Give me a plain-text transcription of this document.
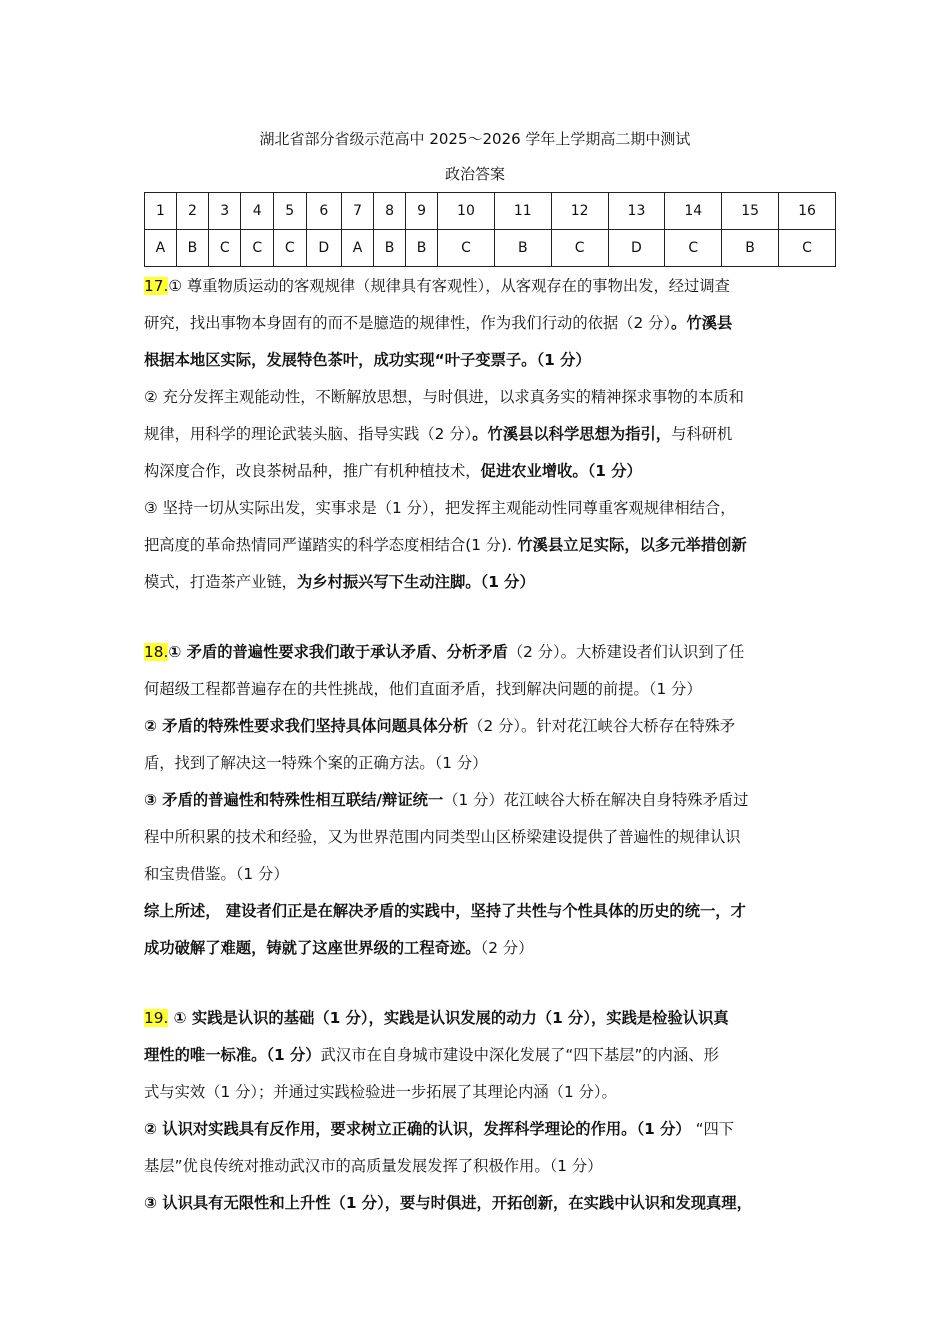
湖北省部分省级示范高中 2025～2026 学年上学期高二期中测试
政治答案
1	2	3	4	5	6	7	8	9	10	11	12	13	14	15	16
A	B	C	C	C	D	A	B	B	C	B	C	D	C	B	C

17.① 尊重物质运动的客观规律（规律具有客观性），从客观存在的事物出发，经过调查

研究，找出事物本身固有的而不是臆造的规律性，作为我们行动的依据（2 分）。竹溪县

根据本地区实际，发展特色茶叶，成功实现“叶子变票子。（1 分）

② 充分发挥主观能动性，不断解放思想，与时俱进，以求真务实的精神探求事物的本质和

规律，用科学的理论武装头脑、指导实践（2 分）。竹溪县以科学思想为指引，与科研机

构深度合作，改良茶树品种，推广有机种植技术，促进农业增收。（1 分）

③ 坚持一切从实际出发，实事求是（1 分），把发挥主观能动性同尊重客观规律相结合，

把高度的革命热情同严谨踏实的科学态度相结合(1 分). 竹溪县立足实际，以多元举措创新

模式，打造茶产业链，为乡村振兴写下生动注脚。（1 分）

18.① 矛盾的普遍性要求我们敢于承认矛盾、分析矛盾（2 分）。大桥建设者们认识到了任

何超级工程都普遍存在的共性挑战，他们直面矛盾，找到解决问题的前提。（1 分）

② 矛盾的特殊性要求我们坚持具体问题具体分析（2 分）。针对花江峡谷大桥存在特殊矛

盾，找到了解决这一特殊个案的正确方法。（1 分）

③ 矛盾的普遍性和特殊性相互联结/辩证统一（1 分）花江峡谷大桥在解决自身特殊矛盾过

程中所积累的技术和经验，又为世界范围内同类型山区桥梁建设提供了普遍性的规律认识

和宝贵借鉴。（1 分）

综上所述， 建设者们正是在解决矛盾的实践中，坚持了共性与个性具体的历史的统一，才

成功破解了难题，铸就了这座世界级的工程奇迹。（2 分）

19. ① 实践是认识的基础（1 分），实践是认识发展的动力（1 分），实践是检验认识真

理性的唯一标准。（1 分）武汉市在自身城市建设中深化发展了“四下基层”的内涵、形

式与实效（1 分）；并通过实践检验进一步拓展了其理论内涵（1 分）。

② 认识对实践具有反作用，要求树立正确的认识，发挥科学理论的作用。（1 分） “四下

基层”优良传统对推动武汉市的高质量发展发挥了积极作用。（1 分）

③ 认识具有无限性和上升性（1 分），要与时俱进，开拓创新，在实践中认识和发现真理，
